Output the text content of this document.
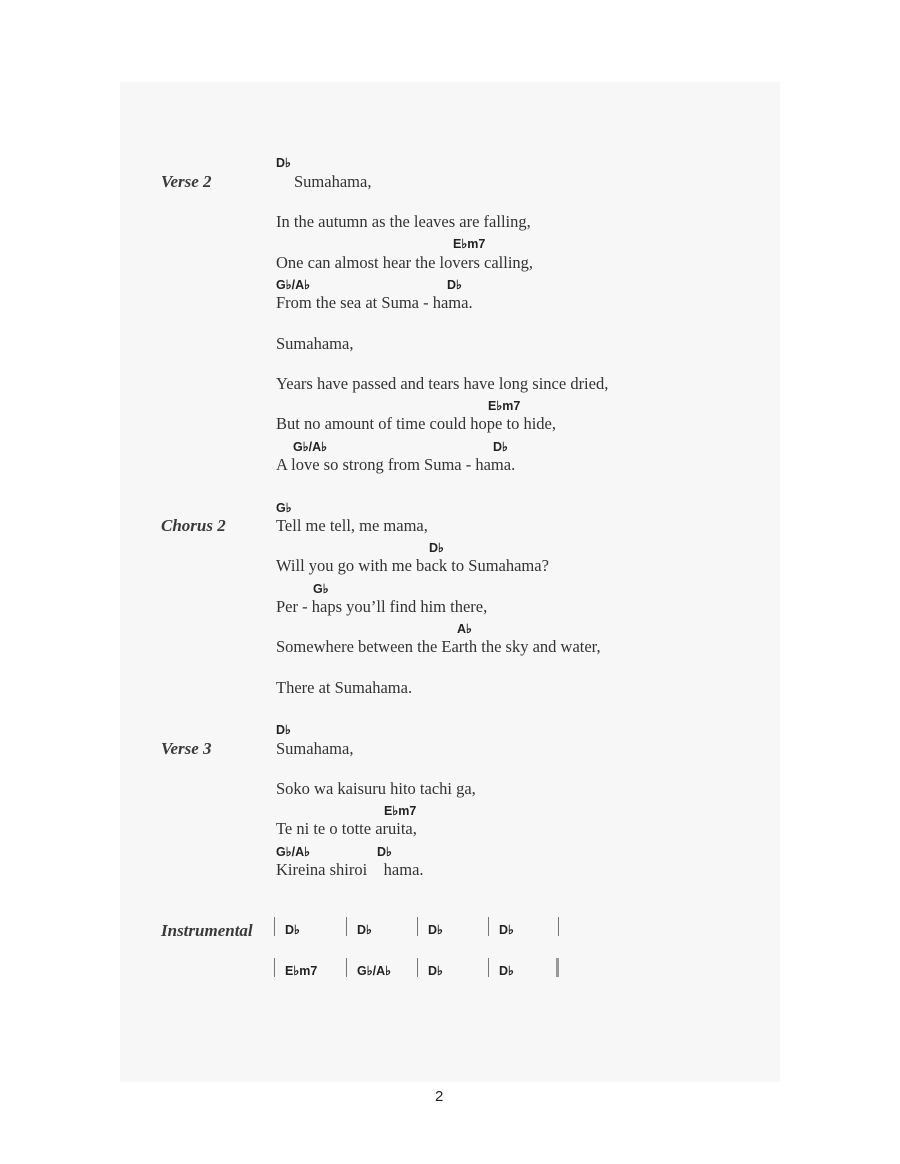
Verse 2
D♭
Sumahama,
In the autumn as the leaves are falling,
E♭m7
One can almost hear the lovers calling,
G♭/A♭	D♭
From the sea at Suma - hama.
Sumahama,
Years have passed and tears have long since dried,
E♭m7
But no amount of time could hope to hide,
G♭/A♭	D♭
A love so strong from Suma - hama.
Chorus 2
G♭
Tell me tell, me mama,
D♭
Will you go with me back to Sumahama?
G♭
Per - haps you’ll find him there,
A♭
Somewhere between the Earth the sky and water,
There at Sumahama.
Verse 3
D♭
Sumahama,
Soko wa kaisuru hito tachi ga,
E♭m7
Te ni te o totte aruita,
G♭/A♭	D♭
Kireina shiroi    hama.
Instrumental	D♭	D♭	D♭	D♭
E♭m7	G♭/A♭	D♭	D♭
2
